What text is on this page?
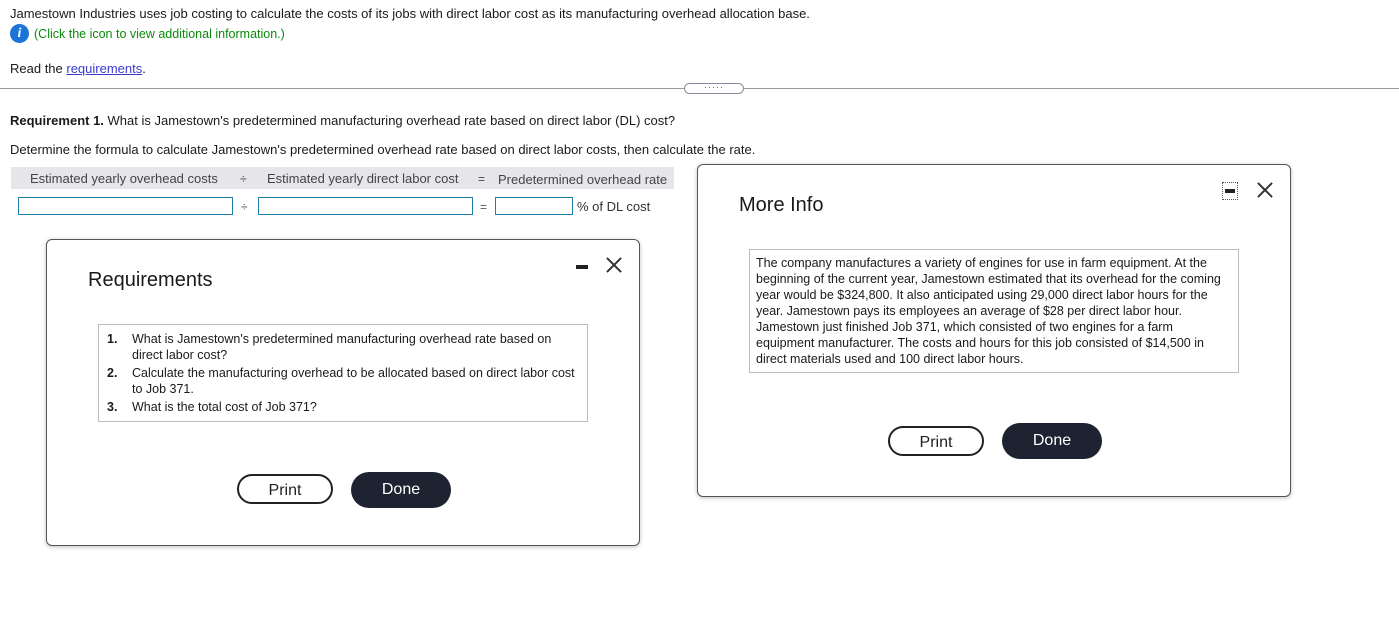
Jamestown Industries uses job costing to calculate the costs of its jobs with direct labor cost as its manufacturing overhead allocation base.
i	(Click the icon to view additional information.)
Read the requirements.
·····
Requirement 1. What is Jamestown's predetermined manufacturing overhead rate based on direct labor (DL) cost?
Determine the formula to calculate Jamestown's predetermined overhead rate based on direct labor costs, then calculate the rate.
Estimated yearly overhead costs ÷ Estimated yearly direct labor cost = Predetermined overhead rate
÷	=	% of DL cost
Requirements
1.	What is Jamestown's predetermined manufacturing overhead rate based on direct labor cost?
2.	Calculate the manufacturing overhead to be allocated based on direct labor cost to Job 371.
3.	What is the total cost of Job 371?
Print	Done
More Info
The company manufactures a variety of engines for use in farm equipment. At the beginning of the current year, Jamestown estimated that its overhead for the coming year would be $324,800. It also anticipated using 29,000 direct labor hours for the year. Jamestown pays its employees an average of $28 per direct labor hour. Jamestown just finished Job 371, which consisted of two engines for a farm equipment manufacturer. The costs and hours for this job consisted of $14,500 in direct materials used and 100 direct labor hours.
Print	Done
